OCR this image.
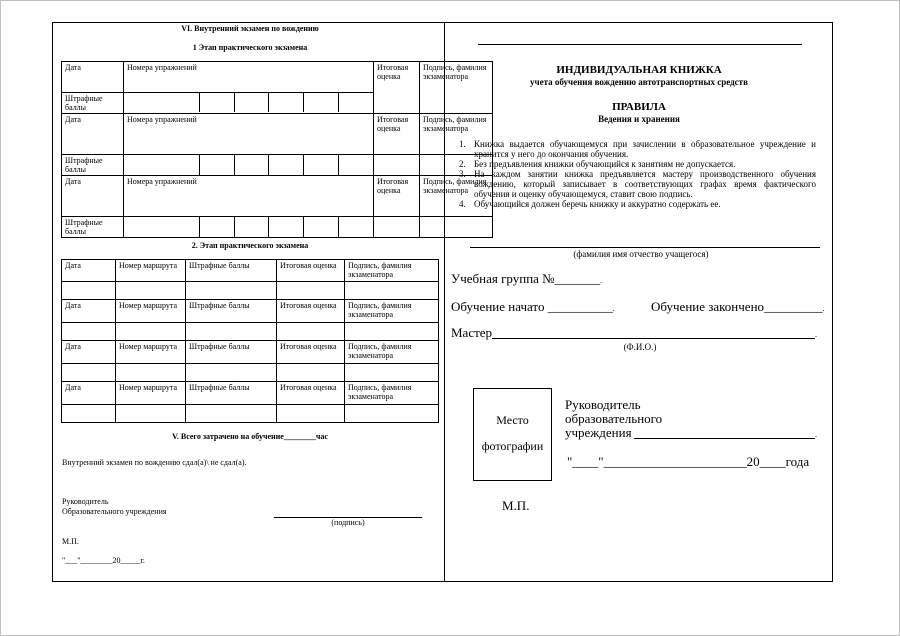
VI. Внутренний экзамен по вождению
1 Этап практического экзамена
Дата	Номера упражнений	Итоговая оценка	Подпись, фамилия экзаменатора
Штрафные баллы	

Дата	Номера упражнений	Итоговая оценка	Подпись, фамилия экзаменатора
Штрафные баллы	

Дата	Номера упражнений	Итоговая оценка	Подпись, фамилия экзаменатора
Штрафные баллы	

2. Этап практического экзамена
Дата	Номер маршрута	Штрафные баллы	Итоговая оценка	Подпись, фамилия экзаменатора

Дата	Номер маршрута	Штрафные баллы	Итоговая оценка	Подпись, фамилия экзаменатора

Дата	Номер маршрута	Штрафные баллы	Итоговая оценка	Подпись, фамилия экзаменатора

Дата	Номер маршрута	Штрафные баллы	Итоговая оценка	Подпись, фамилия экзаменатора

V. Всего затрачено на обучение________час
Внутренний экзамен по вождению сдал(а)\ не сдал(а).
Руководитель
Образовательного учреждения
(подпись)
М.П.
"___"________20_____г.
ИНДИВИДУАЛЬНАЯ КНИЖКА
учета обучения вождению автотранспортных средств
ПРАВИЛА
Ведения и хранения
1. Книжка выдается обучающемуся при зачислении в образовательное учреждение и хранится у него до окончания обучения.
2. Без предъявления книжки обучающийся к занятиям не допускается.
3. На каждом занятии книжка предъявляется мастеру производственного обучения вождению, который записывает в соответствующих графах время фактического обучения и оценку обучающемуся, ставит свою подпись.
4. Обучающийся должен беречь книжку и аккуратно содержать ее.
(фамилия имя отчество учащегося)
Учебная группа №_______.
Обучение начато __________.	Обучение закончено_________.
Мастер	.
(Ф.И.О.)
Место
фотографии
Руководитель
образовательного
учреждения	.
"____"______________________20____года
М.П.
